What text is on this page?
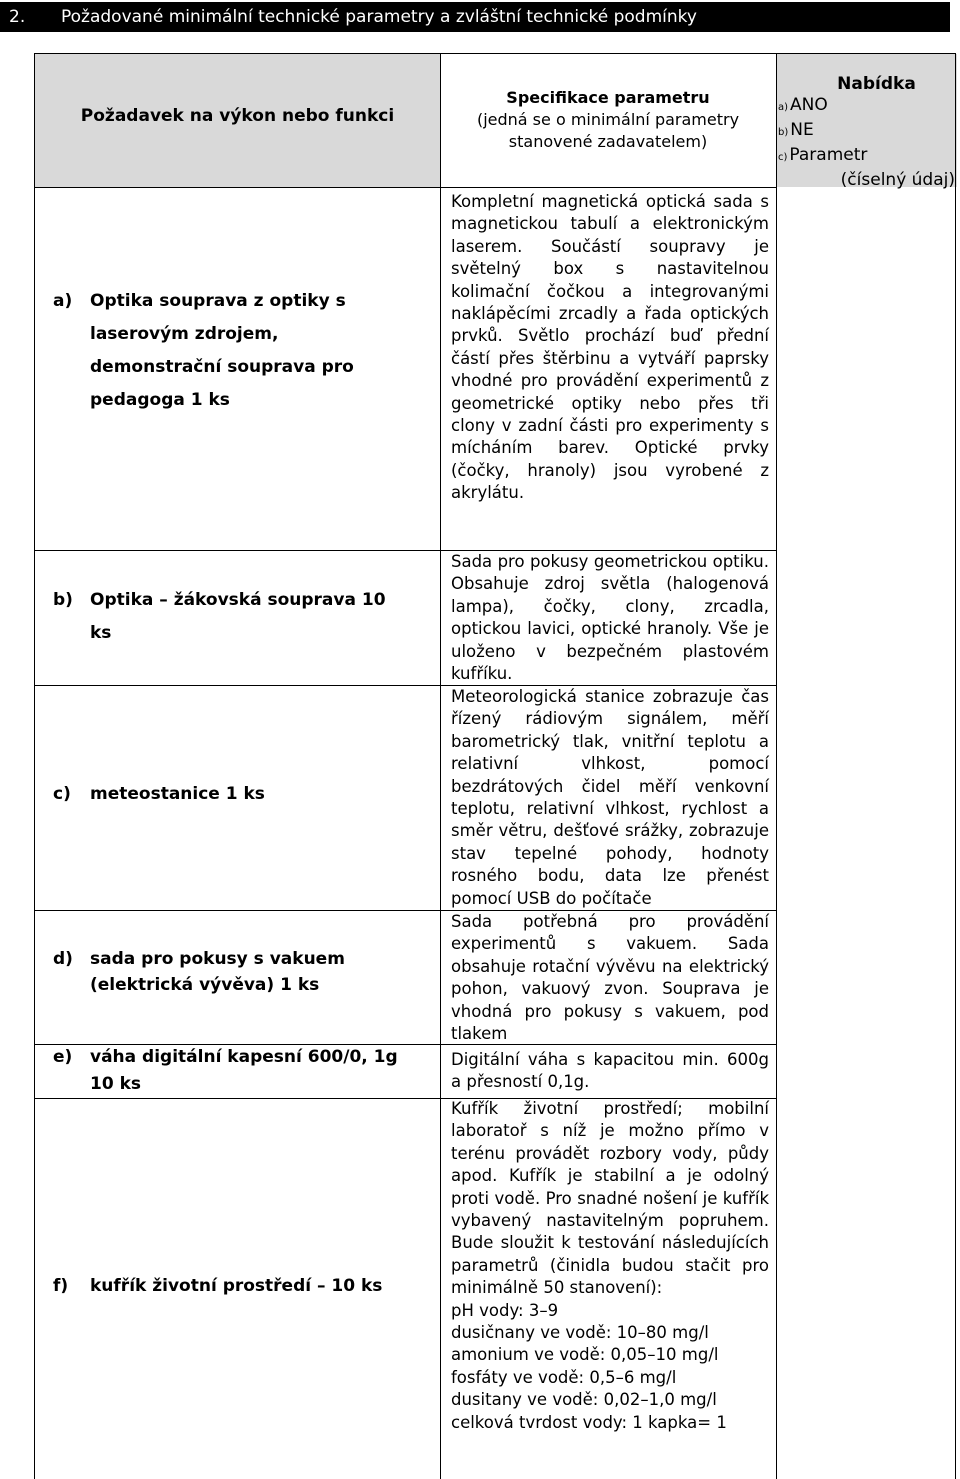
2. Požadované minimální technické parametry a zvláštní technické podmínky
Požadavek na výkon nebo funkci
Specifikace parametru
(jedná se o minimální parametry stanovené zadavatelem)
Nabídka
a) ANO
b) NE
c) Parametr
(číselný údaj)
a) Optika souprava z optiky s laserovým zdrojem, demonstrační souprava pro pedagoga 1 ks
Kompletní magnetická optická sada s magnetickou tabulí a elektronickým laserem. Součástí soupravy je světelný box s nastavitelnou kolimační čočkou a integrovanými naklápěcími zrcadly a řada optických prvků. Světlo prochází buď přední částí přes štěrbinu a vytváří paprsky vhodné pro provádění experimentů z geometrické optiky nebo přes tři clony v zadní části pro experimenty s mícháním barev. Optické prvky (čočky, hranoly) jsou vyrobené z akrylátu.
b) Optika – žákovská souprava 10 ks
Sada pro pokusy geometrickou optiku. Obsahuje zdroj světla (halogenová lampa), čočky, clony, zrcadla, optickou lavici, optické hranoly. Vše je uloženo v bezpečném plastovém kufříku.
c) meteostanice 1 ks
Meteorologická stanice zobrazuje čas řízený rádiovým signálem, měří barometrický tlak, vnitřní teplotu a relativní vlhkost, pomocí bezdrátových čidel měří venkovní teplotu, relativní vlhkost, rychlost a směr větru, dešťové srážky, zobrazuje stav tepelné pohody, hodnoty rosného bodu, data lze přenést pomocí USB do počítače
d) sada pro pokusy s vakuem (elektrická vývěva) 1 ks
Sada potřebná pro provádění experimentů s vakuem. Sada obsahuje rotační vývěvu na elektrický pohon, vakuový zvon. Souprava je vhodná pro pokusy s vakuem, pod tlakem
e) váha digitální kapesní 600/0, 1g 10 ks
Digitální váha s kapacitou min. 600g a přesností 0,1g.
f) kufřík životní prostředí – 10 ks
Kufřík životní prostředí; mobilní laboratoř s níž je možno přímo v terénu provádět rozbory vody, půdy apod. Kufřík je stabilní a je odolný proti vodě. Pro snadné nošení je kufřík vybavený nastavitelným popruhem. Bude sloužit k testování následujících parametrů (činidla budou stačit pro minimálně 50 stanovení):
pH vody: 3–9
dusičnany ve vodě: 10–80 mg/l
amonium ve vodě: 0,05–10 mg/l
fosfáty ve vodě: 0,5–6 mg/l
dusitany ve vodě: 0,02–1,0 mg/l
celková tvrdost vody: 1 kapka= 1
